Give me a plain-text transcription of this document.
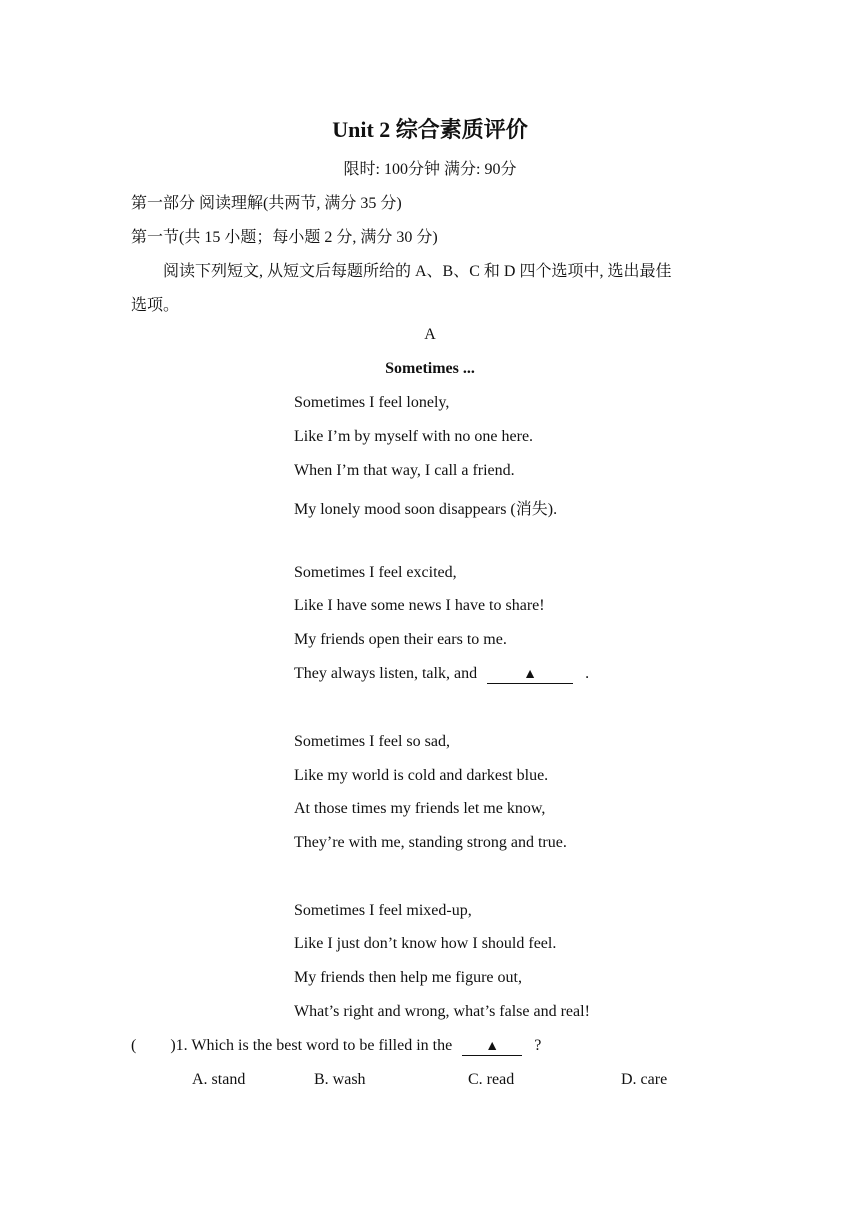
Unit 2 综合素质评价
限时: 100分钟 满分: 90分
第一部分 阅读理解(共两节, 满分 35 分)
第一节(共 15 小题；每小题 2 分, 满分 30 分)
阅读下列短文, 从短文后每题所给的 A、B、C 和 D 四个选项中, 选出最佳
选项。
A
Sometimes ...
Sometimes I feel lonely,
Like I’m by myself with no one here.
When I’m that way, I call a friend.
My lonely mood soon disappears (消失).
Sometimes I feel excited,
Like I have some news I have to share!
My friends open their ears to me.
They always listen, talk, and	▲	.
Sometimes I feel so sad,
Like my world is cold and darkest blue.
At those times my friends let me know,
They’re with me, standing strong and true.
Sometimes I feel mixed-up,
Like I just don’t know how I should feel.
My friends then help me figure out,
What’s right and wrong, what’s false and real!
( )1. Which is the best word to be filled in the ▲ ?
A. stand	B. wash	C. read	D. care
